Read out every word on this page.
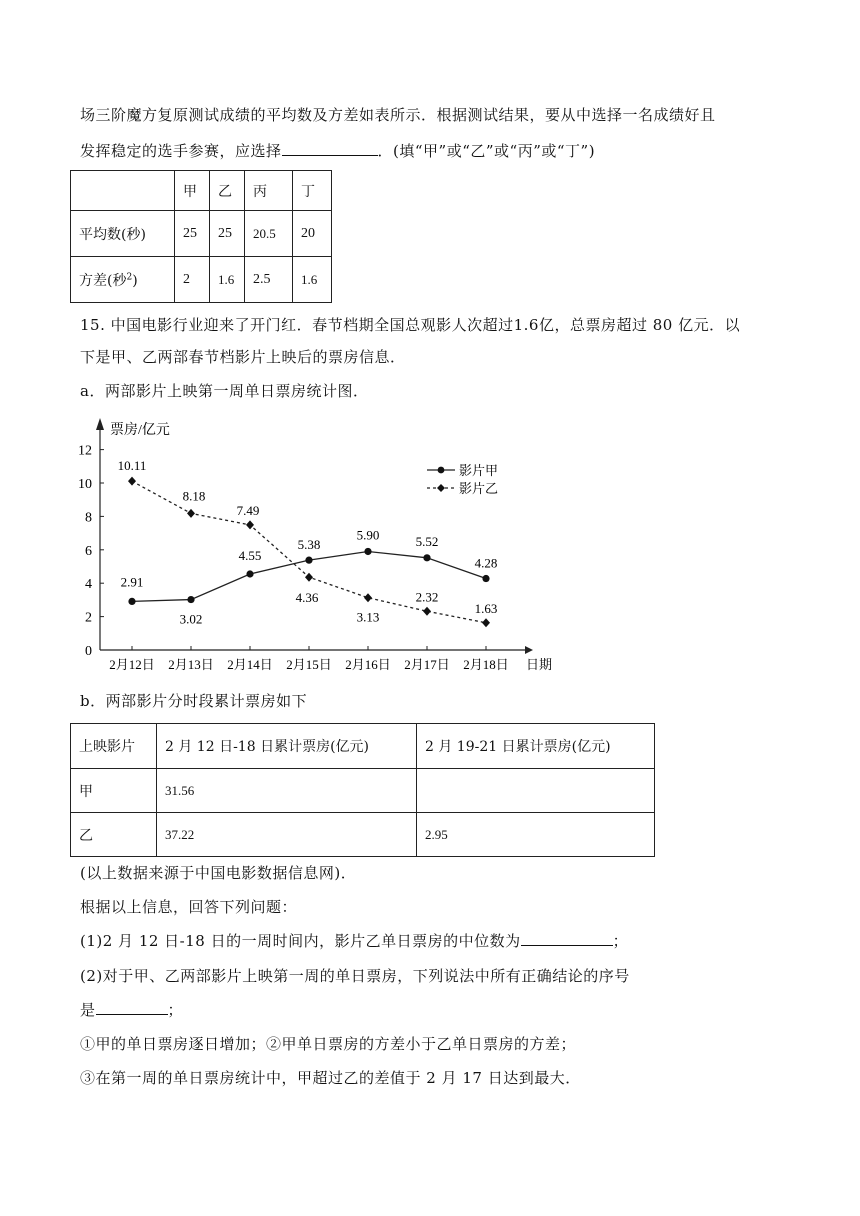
场三阶魔方复原测试成绩的平均数及方差如表所示．根据测试结果，要从中选择一名成绩好且
发挥稳定的选手参赛，应选择	．(填“甲”或“乙”或“丙”或“丁”)
	甲	乙	丙	丁
平均数(秒)	25	25	20.5	20
方差(秒$^2$)	2	1.6	2.5	1.6
15. 中国电影行业迎来了开门红．春节档期全国总观影人次超过1.6亿，总票房超过 80 亿元．以
下是甲、乙两部春节档影片上映后的票房信息．
a．两部影片上映第一周单日票房统计图．
0
2
4
6
8
10
12
2月12日 2月13日 2月14日 2月15日 2月16日 2月17日 2月18日
票房/亿元
日期
2.91
3.02
4.55
5.38
5.90	5.52
4.28
10.11
8.18
7.49
4.36
3.13
2.32
1.63
影片甲
影片乙
b．两部影片分时段累计票房如下
上映影片	2 月 12 日-18 日累计票房(亿元)	2 月 19-21 日累计票房(亿元)
甲	31.56	
乙	37.22	2.95
(以上数据来源于中国电影数据信息网)．
根据以上信息，回答下列问题：
(1)2 月 12 日-18 日的一周时间内，影片乙单日票房的中位数为	；
(2)对于甲、乙两部影片上映第一周的单日票房，下列说法中所有正确结论的序号
是	；
①甲的单日票房逐日增加；②甲单日票房的方差小于乙单日票房的方差；
③在第一周的单日票房统计中，甲超过乙的差值于 2 月 17 日达到最大．
